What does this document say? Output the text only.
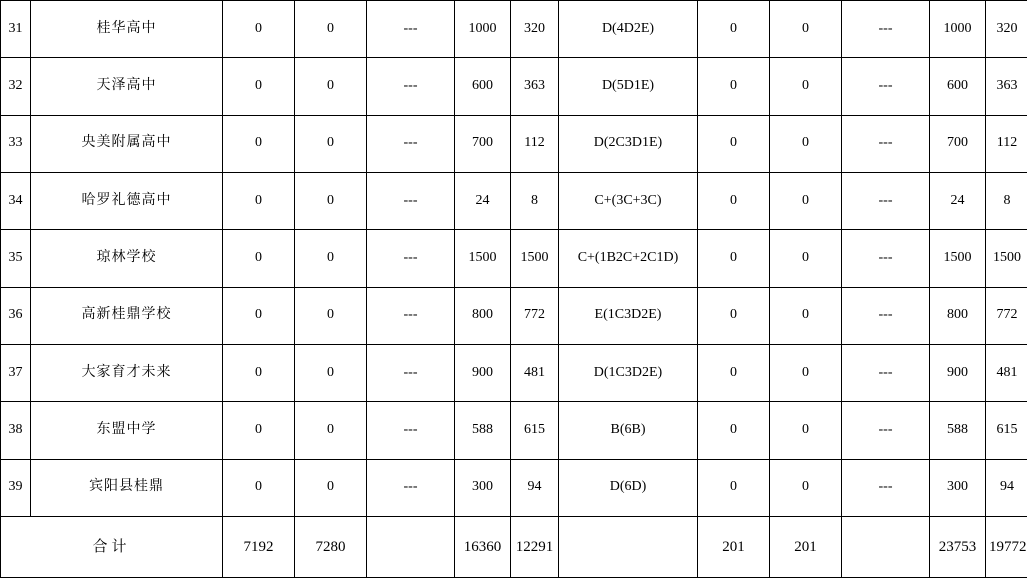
31	桂华高中	0	0	---	1000	320	D(4D2E)	0	0	---	1000	320
32	天泽高中	0	0	---	600	363	D(5D1E)	0	0	---	600	363
33	央美附属高中	0	0	---	700	112	D(2C3D1E)	0	0	---	700	112
34	哈罗礼德高中	0	0	---	24	8	C+(3C+3C)	0	0	---	24	8
35	琼林学校	0	0	---	1500	1500	C+(1B2C+2C1D)	0	0	---	1500	1500
36	高新桂鼎学校	0	0	---	800	772	E(1C3D2E)	0	0	---	800	772
37	大家育才未来	0	0	---	900	481	D(1C3D2E)	0	0	---	900	481
38	东盟中学	0	0	---	588	615	B(6B)	0	0	---	588	615
39	宾阳县桂鼎	0	0	---	300	94	D(6D)	0	0	---	300	94
合计		7192	7280		16360	12291		201	201		23753	19772
